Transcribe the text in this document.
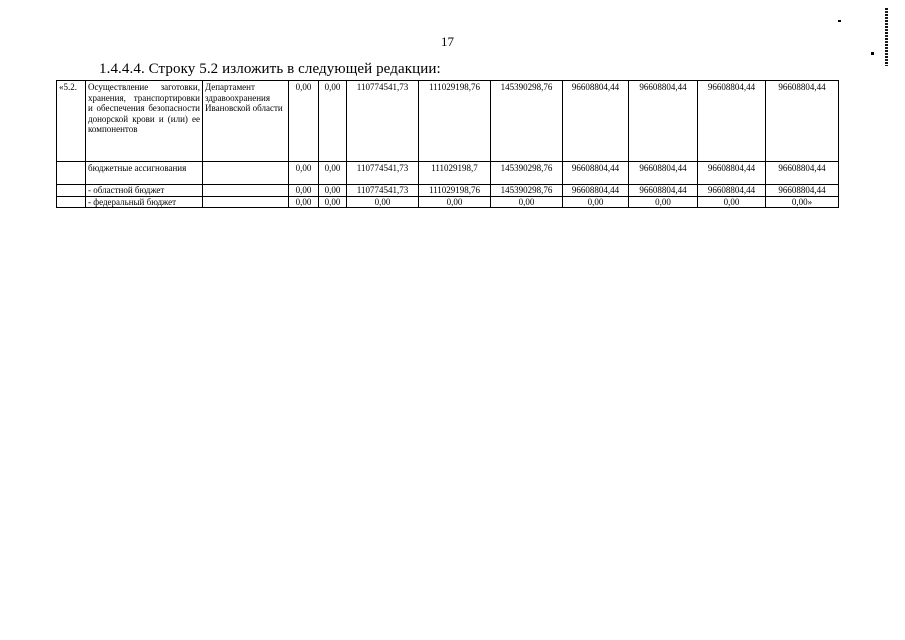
17
1.4.4.4. Строку 5.2 изложить в следующей редакции:
«5.2.	Осуществление заготовки, хранения, транспортировки и обеспечения безопасности донорской крови и (или) ее компонентов	Департамент здравоохранения Ивановской области	0,00	0,00	110774541,73	111029198,76	145390298,76	96608804,44	96608804,44	96608804,44	96608804,44
	бюджетные ассигнования		0,00	0,00	110774541,73	111029198,7	145390298,76	96608804,44	96608804,44	96608804,44	96608804,44
	- областной бюджет		0,00	0,00	110774541,73	111029198,76	145390298,76	96608804,44	96608804,44	96608804,44	96608804,44
	- федеральный бюджет		0,00	0,00	0,00	0,00	0,00	0,00	0,00	0,00	0,00»
